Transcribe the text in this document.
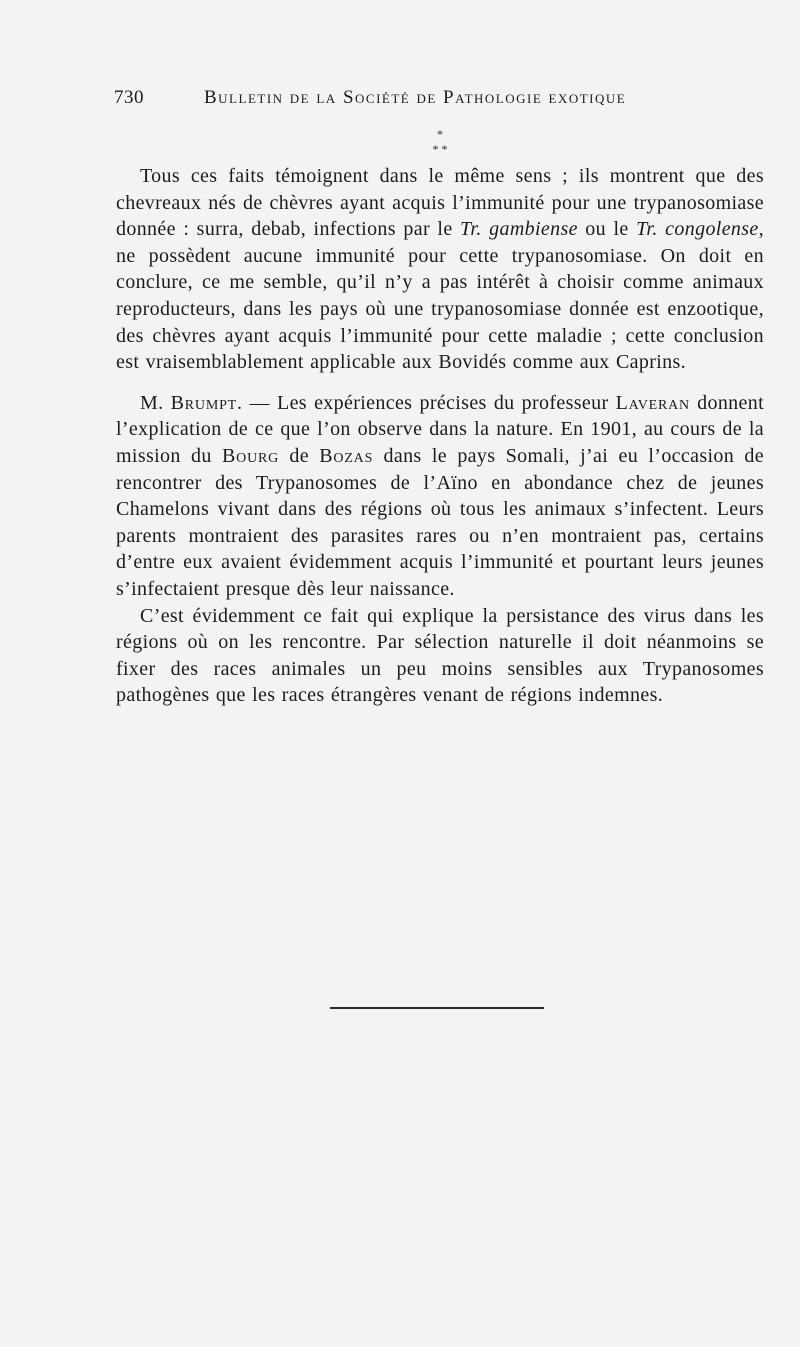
730	Bulletin de la Société de Pathologie exotique
*
* *

Tous ces faits témoignent dans le même sens ; ils montrent que des chevreaux nés de chèvres ayant acquis l’immunité pour une trypanosomiase donnée : surra, debab, infections par le Tr. gambiense ou le Tr. congolense, ne possèdent aucune immunité pour cette trypanosomiase. On doit en conclure, ce me semble, qu’il n’y a pas intérêt à choisir comme animaux reproducteurs, dans les pays où une trypanosomiase donnée est enzootique, des chèvres ayant acquis l’immunité pour cette maladie ; cette conclusion est vraisemblablement applicable aux Bovidés comme aux Caprins.

M. Brumpt. — Les expériences précises du professeur Laveran donnent l’explication de ce que l’on observe dans la nature. En 1901, au cours de la mission du Bourg de Bozas dans le pays Somali, j’ai eu l’occasion de rencontrer des Trypanosomes de l’Aïno en abondance chez de jeunes Chamelons vivant dans des régions où tous les animaux s’infectent. Leurs parents montraient des parasites rares ou n’en montraient pas, certains d’entre eux avaient évidemment acquis l’immunité et pourtant leurs jeunes s’infectaient presque dès leur naissance.

C’est évidemment ce fait qui explique la persistance des virus dans les régions où on les rencontre. Par sélection naturelle il doit néanmoins se fixer des races animales un peu moins sensibles aux Trypanosomes pathogènes que les races étrangères venant de régions indemnes.
